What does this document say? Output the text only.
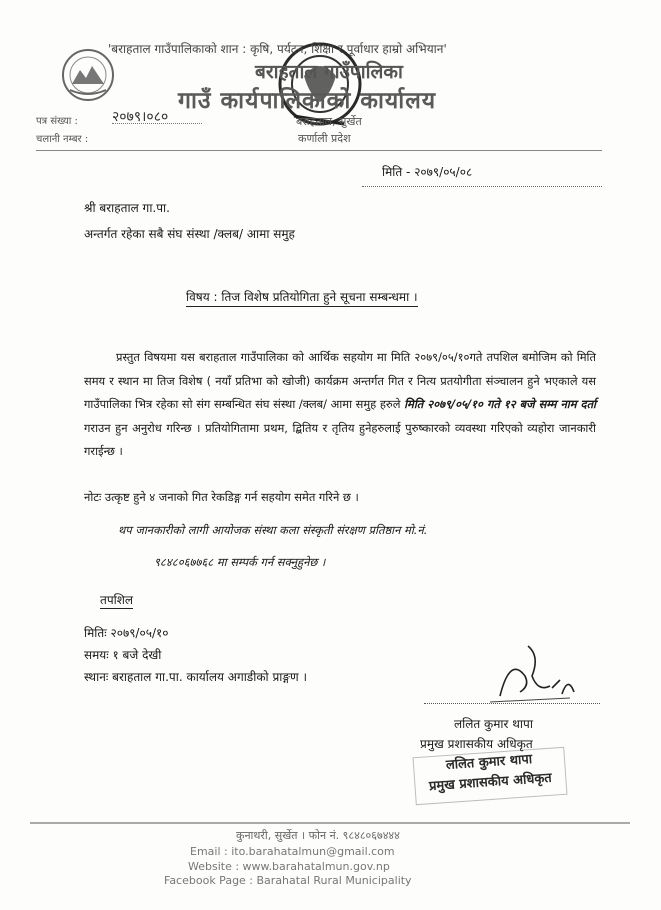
'बराहताल गाउँपालिकाको शान : कृषि, पर्यटन, शिक्षा र पूर्वाधार हाम्रो अभियान'
बराहताल गाउँपालिका
गाउँ कार्यपालिकाको कार्यालय
बराहताल, सुर्खेत
कर्णाली प्रदेश
पत्र संख्या : २०७९।०८०
चलानी नम्बर :
मिति - २०७९/०५/०८
श्री बराहताल गा.पा.
अन्तर्गत रहेका सबै संघ संस्था /क्लब/ आमा समुह
विषय : तिज विशेष प्रतियोगिता हुने सूचना सम्बन्धमा ।
प्रस्तुत विषयमा यस बराहताल गाउँपालिका को आर्थिक सहयोग मा मिति २०७९/०५/१०गते तपशिल बमोजिम को मिति समय र स्थान मा तिज विशेष ( नयाँ प्रतिभा को खोजी) कार्यक्रम अन्तर्गत गित र नित्य प्रतयोगीता संञ्चालन हुने भएकाले यस गाउँपालिका भित्र रहेका सो संग सम्बन्धित संघ संस्था /क्लब/ आमा समुह हरुले मिति २०७९/०५/१० गते १२ बजे सम्म नाम दर्ता गराउन हुन अनुरोध गरिन्छ । प्रतियोगितामा प्रथम, द्बितिय र तृतिय हुनेहरुलाई पुरुष्कारको व्यवस्था गरिएको व्यहोरा जानकारी गराईन्छ ।
नोटः उत्कृष्ट हुने ४ जनाको गित रेकडिङ्ग गर्न सहयोग समेत गरिने छ ।
थप जानकारीको लागी आयोजक संस्था कला संस्कृती संरक्षण प्रतिष्ठान मो.नं.
९८४८०६७७६८ मा सम्पर्क गर्न सक्नुहुनेछ ।
तपशिल
मितिः २०७९/०५/१०
समयः १ बजे देखी
स्थानः बराहताल गा.पा. कार्यालय अगाडीको प्राङ्गण ।
ललित कुमार थापा
प्रमुख प्रशासकीय अधिकृत
ललित कुमार थापा
प्रमुख प्रशासकीय अधिकृत
कुनाथरी, सुर्खेत । फोन नं. ९८४८०६७४४४
Email : ito.barahatalmun@gmail.com
Website : www.barahatalmun.gov.np
Facebook Page : Barahatal Rural Municipality
